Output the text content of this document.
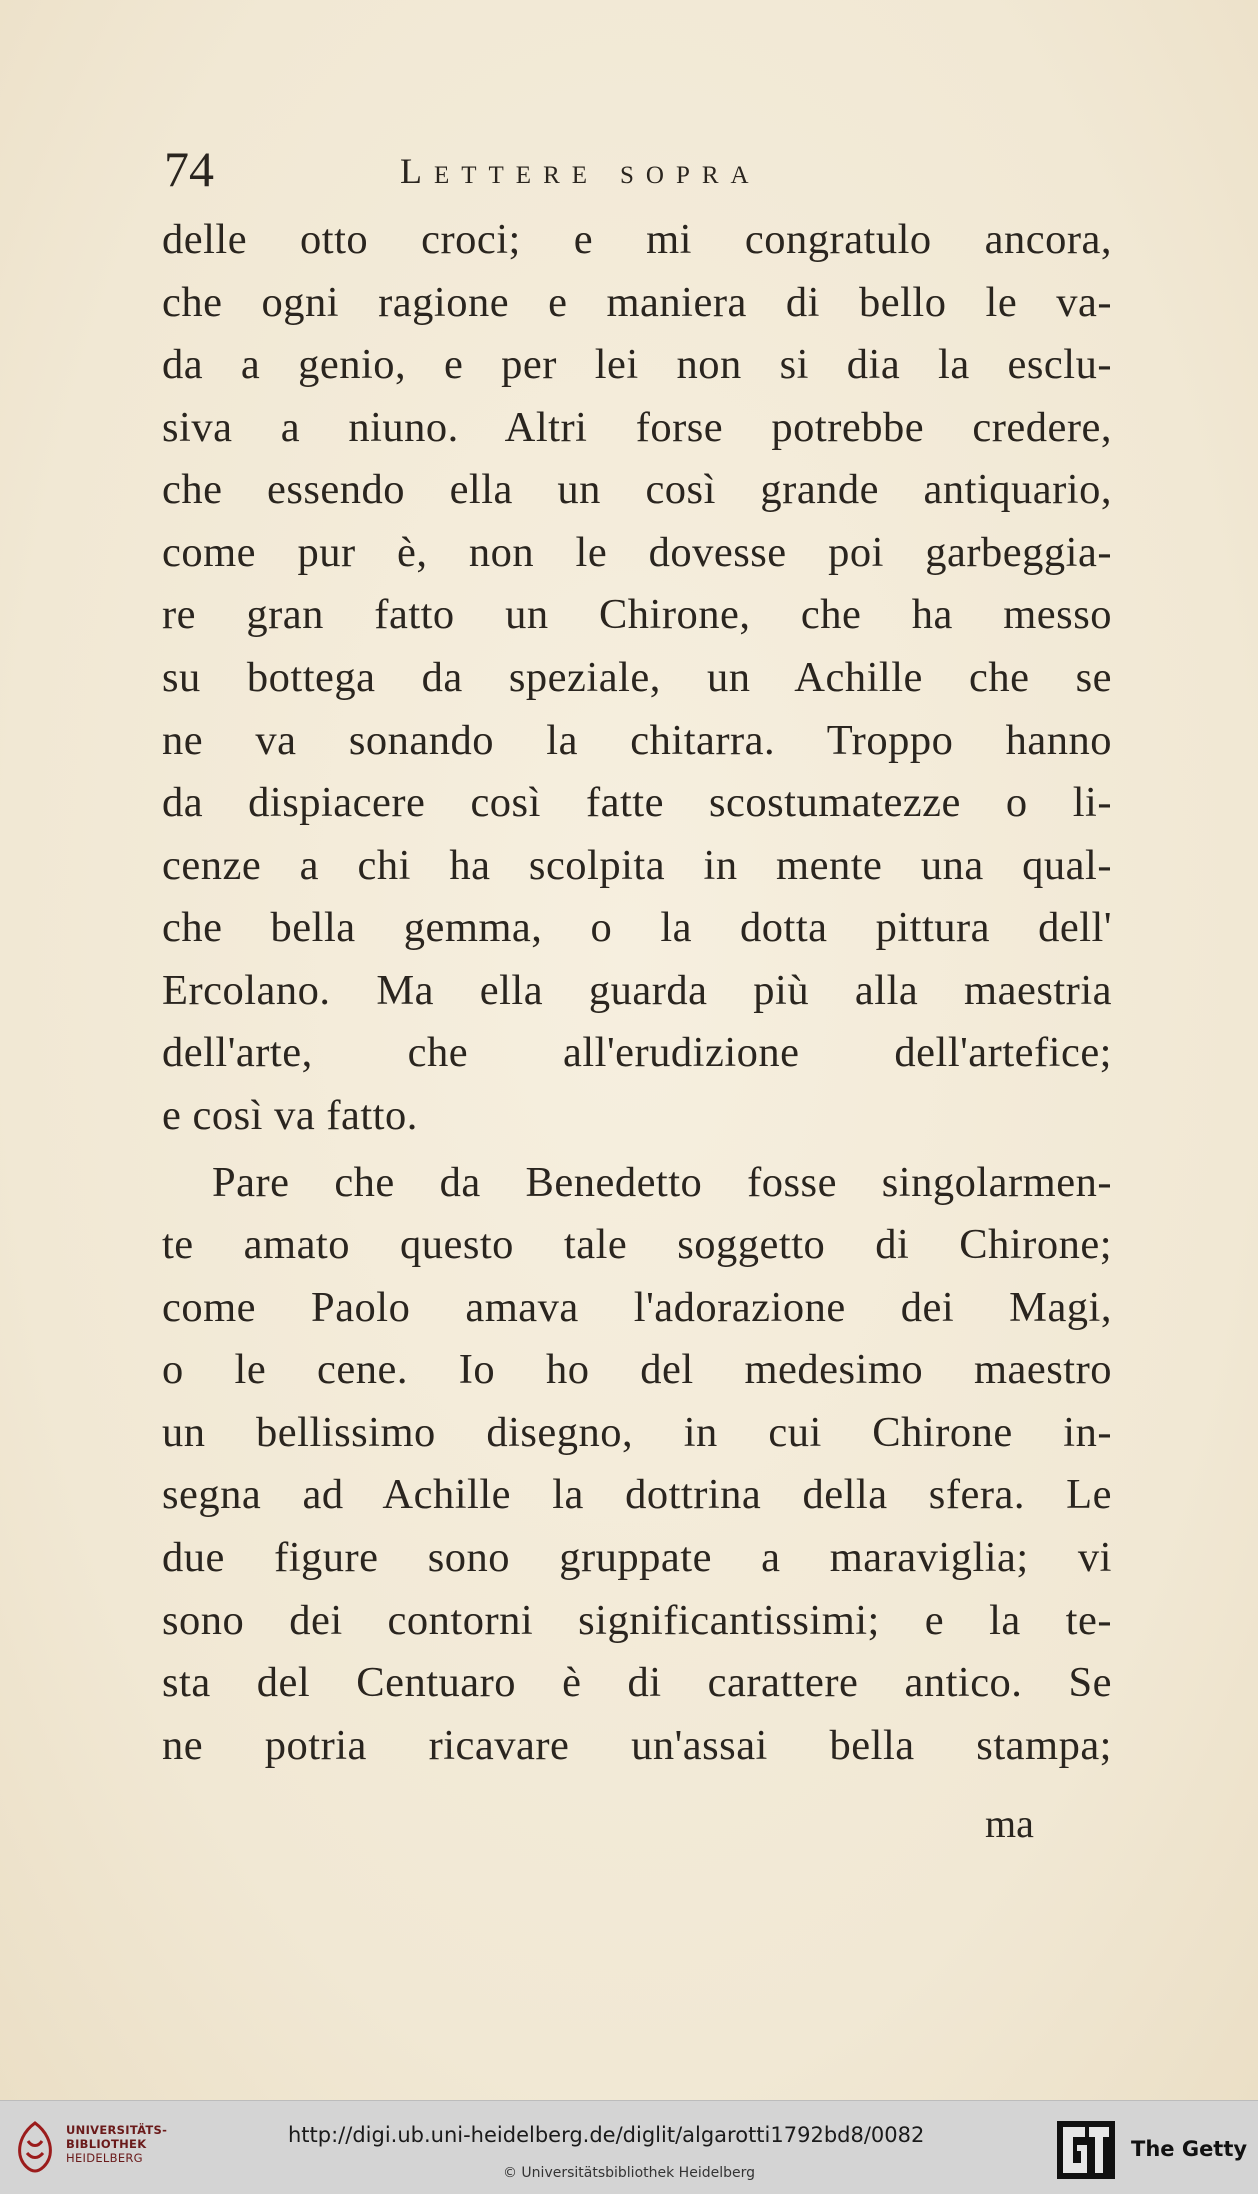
74	Lettere sopra
delle otto croci; e mi congratulo ancora,
che ogni ragione e maniera di bello le va-
da a genio, e per lei non si dia la esclu-
siva a niuno. Altri forse potrebbe credere,
che essendo ella un così grande antiquario,
come pur è, non le dovesse poi garbeggia-
re gran fatto un Chirone, che ha messo
su bottega da speziale, un Achille che se
ne va sonando la chitarra. Troppo hanno
da dispiacere così fatte scostumatezze o li-
cenze a chi ha scolpita in mente una qual-
che bella gemma, o la dotta pittura dell'
Ercolano. Ma ella guarda più alla maestria
dell'arte, che all'erudizione dell'artefice;
e così va fatto.
Pare che da Benedetto fosse singolarmen-
te amato questo tale soggetto di Chirone;
come Paolo amava l'adorazione dei Magi,
o le cene. Io ho del medesimo maestro
un bellissimo disegno, in cui Chirone in-
segna ad Achille la dottrina della sfera. Le
due figure sono gruppate a maraviglia; vi
sono dei contorni significantissimi; e la te-
sta del Centuaro è di carattere antico. Se
ne potria ricavare un'assai bella stampa;
ma
UNIVERSITÄTS-
BIBLIOTHEK
HEIDELBERG
http://digi.ub.uni-heidelberg.de/diglit/algarotti1792bd8/0082
© Universitätsbibliothek Heidelberg
The Getty
